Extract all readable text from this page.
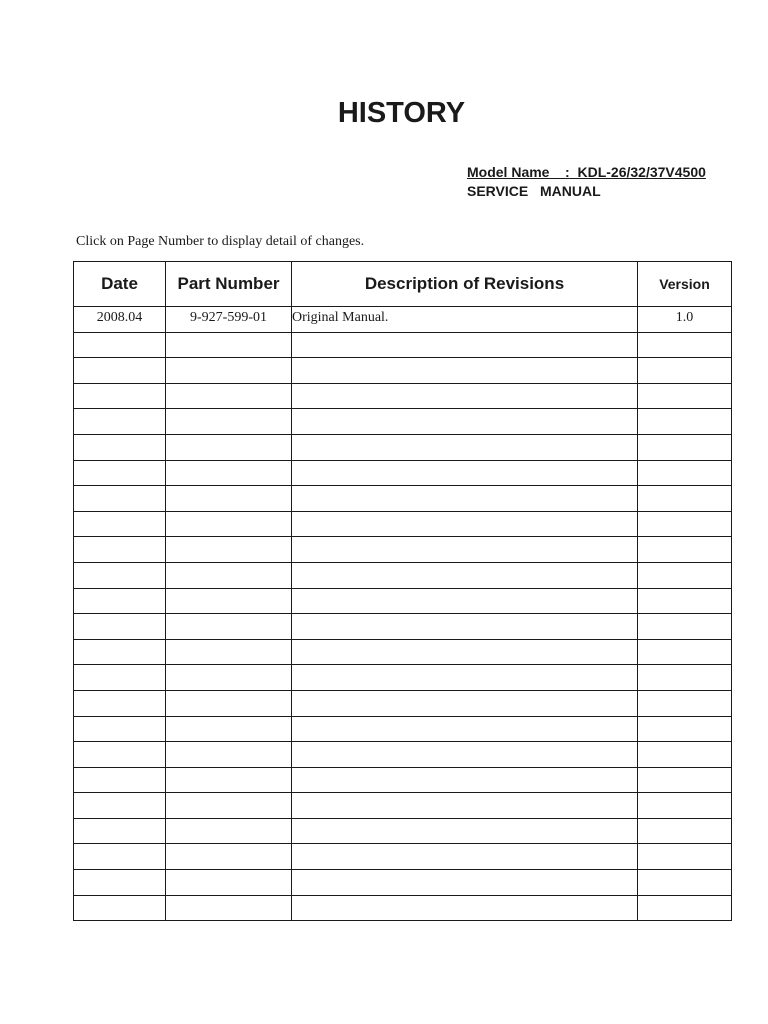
HISTORY
Model Name : KDL-26/32/37V4500
SERVICE  MANUAL
Click on Page Number to display detail of changes.
Date	Part Number	Description of Revisions	Version
2008.04	9-927-599-01	Original Manual.	1.0
